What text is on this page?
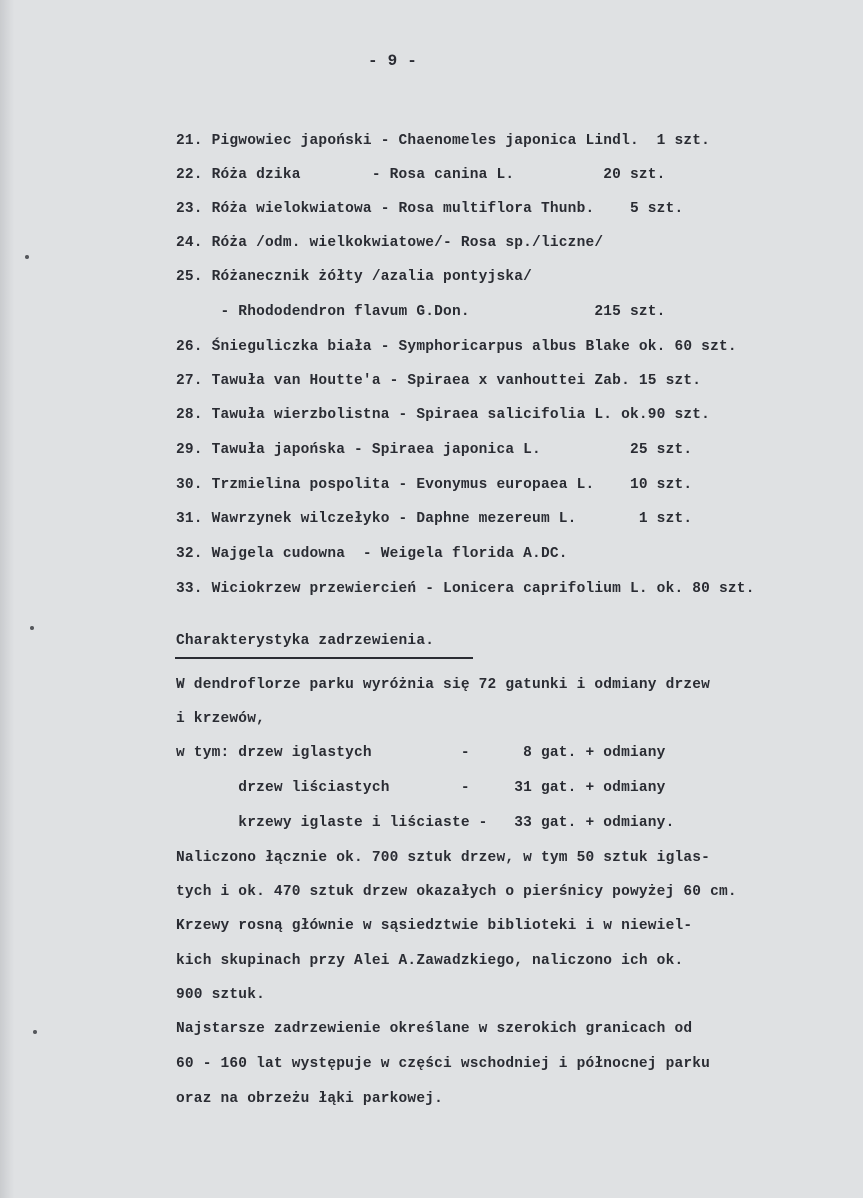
- 9 -
21. Pigwowiec japoński - Chaenomeles japonica Lindl.  1 szt.
22. Róża dzika        - Rosa canina L.          20 szt.
23. Róża wielokwiatowa - Rosa multiflora Thunb.    5 szt.
24. Róża /odm. wielkokwiatowe/- Rosa sp./liczne/
25. Różanecznik żółty /azalia pontyjska/
- Rhododendron flavum G.Don.              215 szt.
26. Śnieguliczka biała - Symphoricarpus albus Blake ok. 60 szt.
27. Tawuła van Houtte'a - Spiraea x vanhouttei Zab. 15 szt.
28. Tawuła wierzbolistna - Spiraea salicifolia L. ok.90 szt.
29. Tawuła japońska - Spiraea japonica L.          25 szt.
30. Trzmielina pospolita - Evonymus europaea L.    10 szt.
31. Wawrzynek wilczełyko - Daphne mezereum L.       1 szt.
32. Wajgela cudowna  - Weigela florida A.DC.
33. Wiciokrzew przewiercień - Lonicera caprifolium L. ok. 80 szt.
Charakterystyka zadrzewienia.
W dendroflorze parku wyróżnia się 72 gatunki i odmiany drzew
i krzewów,
w tym: drzew iglastych          -      8 gat. + odmiany
drzew liściastych        -     31 gat. + odmiany
krzewy iglaste i liściaste -   33 gat. + odmiany.
Naliczono łącznie ok. 700 sztuk drzew, w tym 50 sztuk iglas-
tych i ok. 470 sztuk drzew okazałych o pierśnicy powyżej 60 cm.
Krzewy rosną głównie w sąsiedztwie biblioteki i w niewiel-
kich skupinach przy Alei A.Zawadzkiego, naliczono ich ok.
900 sztuk.
Najstarsze zadrzewienie określane w szerokich granicach od
60 - 160 lat występuje w części wschodniej i północnej parku
oraz na obrzeżu łąki parkowej.
